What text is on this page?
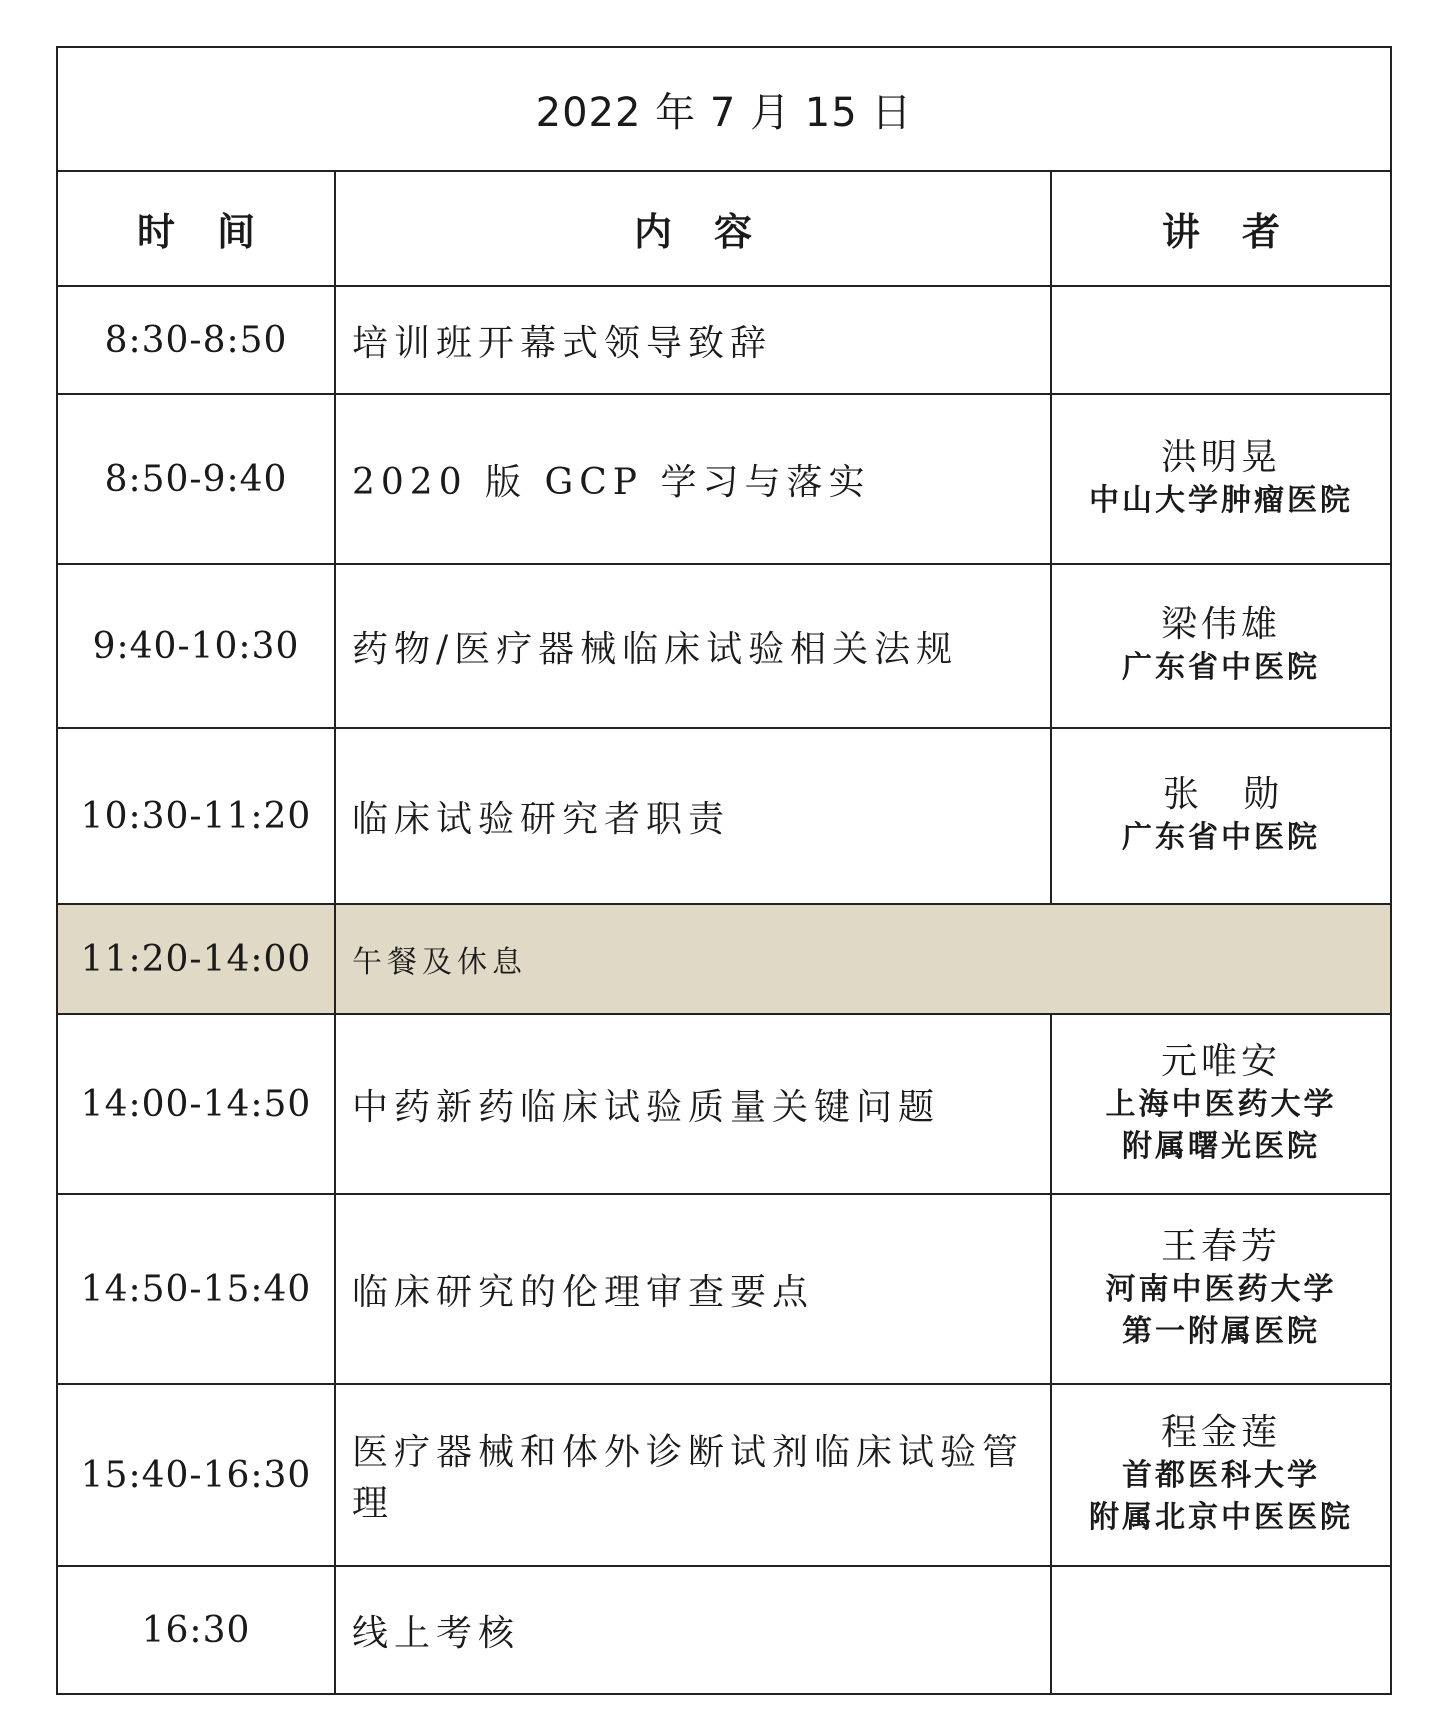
2022 年 7 月 15 日		
时间	内容	讲者
8:30-8:50	培训班开幕式领导致辞	
8:50-9:40	2020 版 GCP 学习与落实	洪明晃
中山大学肿瘤医院

9:40-10:30	药物/医疗器械临床试验相关法规	梁伟雄
广东省中医院

10:30-11:20	临床试验研究者职责	张勋
广东省中医院

11:20-14:00	午餐及休息	
14:00-14:50	中药新药临床试验质量关键问题	元唯安
上海中医药大学
附属曙光医院

14:50-15:40	临床研究的伦理审查要点	王春芳
河南中医药大学
第一附属医院

15:40-16:30	医疗器械和体外诊断试剂临床试验管理	程金莲
首都医科大学
附属北京中医医院

16:30	线上考核	
